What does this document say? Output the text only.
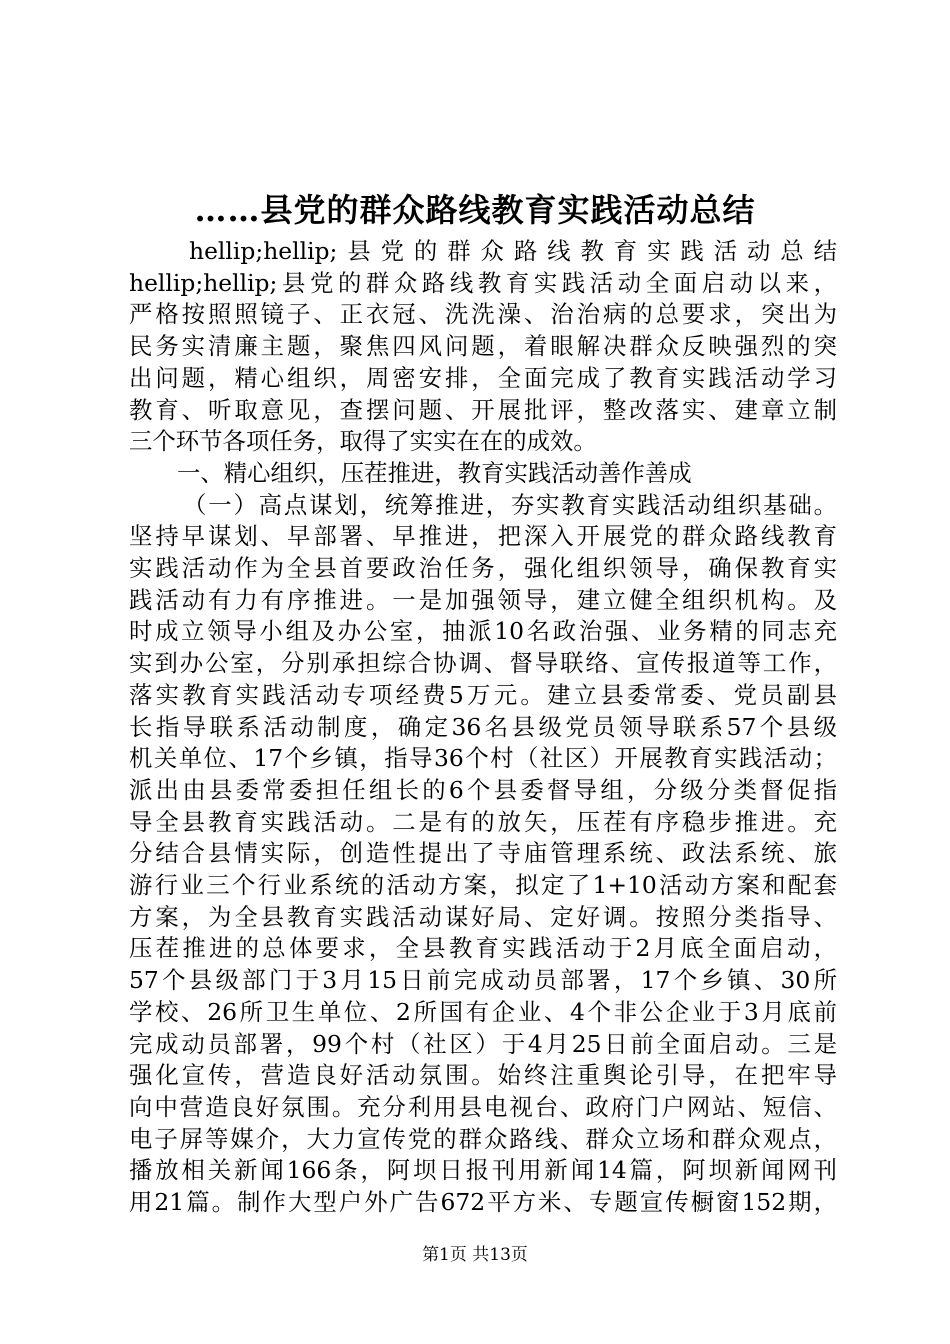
……县党的群众路线教育实践活动总结
hellip;hellip;县党的群众路线教育实践活动总结
hellip;hellip;县党的群众路线教育实践活动全面启动以来，
严格按照照镜子、正衣冠、洗洗澡、治治病的总要求，突出为
民务实清廉主题，聚焦四风问题，着眼解决群众反映强烈的突
出问题，精心组织，周密安排，全面完成了教育实践活动学习
教育、听取意见，查摆问题、开展批评，整改落实、建章立制
三个环节各项任务，取得了实实在在的成效。
一、精心组织，压茬推进，教育实践活动善作善成
（一）高点谋划，统筹推进，夯实教育实践活动组织基础。
坚持早谋划、早部署、早推进，把深入开展党的群众路线教育
实践活动作为全县首要政治任务，强化组织领导，确保教育实
践活动有力有序推进。一是加强领导，建立健全组织机构。及
时成立领导小组及办公室，抽派10名政治强、业务精的同志充
实到办公室，分别承担综合协调、督导联络、宣传报道等工作，
落实教育实践活动专项经费5万元。建立县委常委、党员副县
长指导联系活动制度，确定36名县级党员领导联系57个县级
机关单位、17个乡镇，指导36个村（社区）开展教育实践活动；
派出由县委常委担任组长的6个县委督导组，分级分类督促指
导全县教育实践活动。二是有的放矢，压茬有序稳步推进。充
分结合县情实际，创造性提出了寺庙管理系统、政法系统、旅
游行业三个行业系统的活动方案，拟定了1+10活动方案和配套
方案，为全县教育实践活动谋好局、定好调。按照分类指导、
压茬推进的总体要求，全县教育实践活动于2月底全面启动，
57个县级部门于3月15日前完成动员部署，17个乡镇、30所
学校、26所卫生单位、2所国有企业、4个非公企业于3月底前
完成动员部署，99个村（社区）于4月25日前全面启动。三是
强化宣传，营造良好活动氛围。始终注重舆论引导，在把牢导
向中营造良好氛围。充分利用县电视台、政府门户网站、短信、
电子屏等媒介，大力宣传党的群众路线、群众立场和群众观点，
播放相关新闻166条，阿坝日报刊用新闻14篇，阿坝新闻网刊
用21篇。制作大型户外广告672平方米、专题宣传橱窗152期，
第1页 共13页
